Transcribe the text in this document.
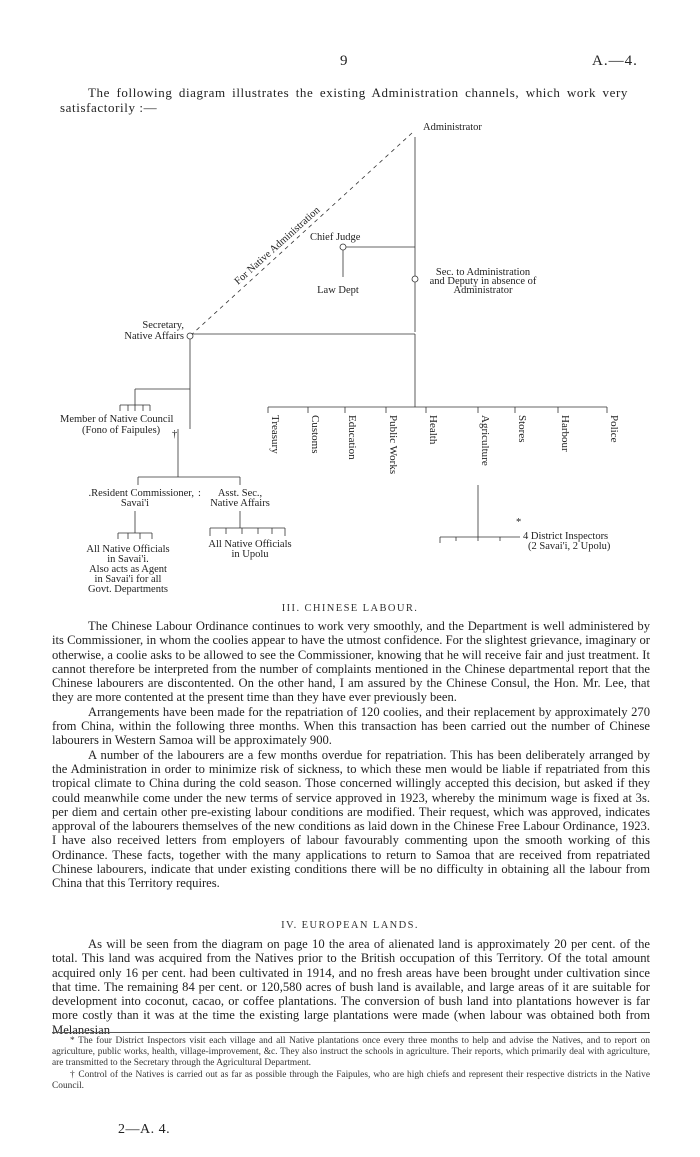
9	A.—4.
The following diagram illustrates the existing Administration channels, which work very satisfactorily :—
Administrator
For Native Administration
Chief Judge
Law Dept
Sec. to Administration
and Deputy in absence of
Administrator
Secretary,
Native Affairs
Member of Native Council
(Fono of Faipules) †	Treasury	Customs Education	Public Works	Health	Agriculture Stores	Harbour	Police
.Resident Commissioner,
Savai'i
: Asst. Sec.,
Native Affairs
All Native Officials
in Savai'i.
Also acts as Agent
in Savai'i for all
Govt. Departments
All Native Officials
in Upolu
*
4 District Inspectors
(2 Savai'i, 2 Upolu)
III. CHINESE LABOUR.

The Chinese Labour Ordinance continues to work very smoothly, and the Department is well administered by its Commissioner, in whom the coolies appear to have the utmost confidence. For the slightest grievance, imaginary or otherwise, a coolie asks to be allowed to see the Commissioner, knowing that he will receive fair and just treatment. It cannot therefore be interpreted from the number of complaints mentioned in the Chinese departmental report that the Chinese labourers are discontented. On the other hand, I am assured by the Chinese Consul, the Hon. Mr. Lee, that they are more contented at the present time than they have ever previously been.

Arrangements have been made for the repatriation of 120 coolies, and their replacement by approximately 270 from China, within the following three months. When this transaction has been carried out the number of Chinese labourers in Western Samoa will be approximately 900.

A number of the labourers are a few months overdue for repatriation. This has been deliberately arranged by the Administration in order to minimize risk of sickness, to which these men would be liable if repatriated from this tropical climate to China during the cold season. Those concerned willingly accepted this decision, but asked if they could meanwhile come under the new terms of service approved in 1923, whereby the minimum wage is fixed at 3s. per diem and certain other pre-existing labour conditions are modified. Their request, which was approved, indicates approval of the labourers themselves of the new conditions as laid down in the Chinese Free Labour Ordinance, 1923. I have also received letters from employers of labour favourably commenting upon the smooth working of this Ordinance. These facts, together with the many applications to return to Samoa that are received from repatriated Chinese labourers, indicate that under existing conditions there will be no difficulty in obtaining all the labour from China that this Territory requires.

IV. EUROPEAN LANDS.

As will be seen from the diagram on page 10 the area of alienated land is approximately 20 per cent. of the total. This land was acquired from the Natives prior to the British occupation of this Territory. Of the total amount acquired only 16 per cent. had been cultivated in 1914, and no fresh areas have been brought under cultivation since that time. The remaining 84 per cent. or 120,580 acres of bush land is available, and large areas of it are suitable for development into coconut, cacao, or coffee plantations. The conversion of bush land into plantations however is far more costly than it was at the time the existing large plantations were made (when labour was obtained both from Melanesian

* The four District Inspectors visit each village and all Native plantations once every three months to help and advise the Natives, and to report on agriculture, public works, health, village-improvement, &c. They also instruct the schools in agriculture. Their reports, which primarily deal with agriculture, are transmitted to the Secretary through the Agricultural Department.

† Control of the Natives is carried out as far as possible through the Faipules, who are high chiefs and represent their respective districts in the Native Council.

2—A. 4.
